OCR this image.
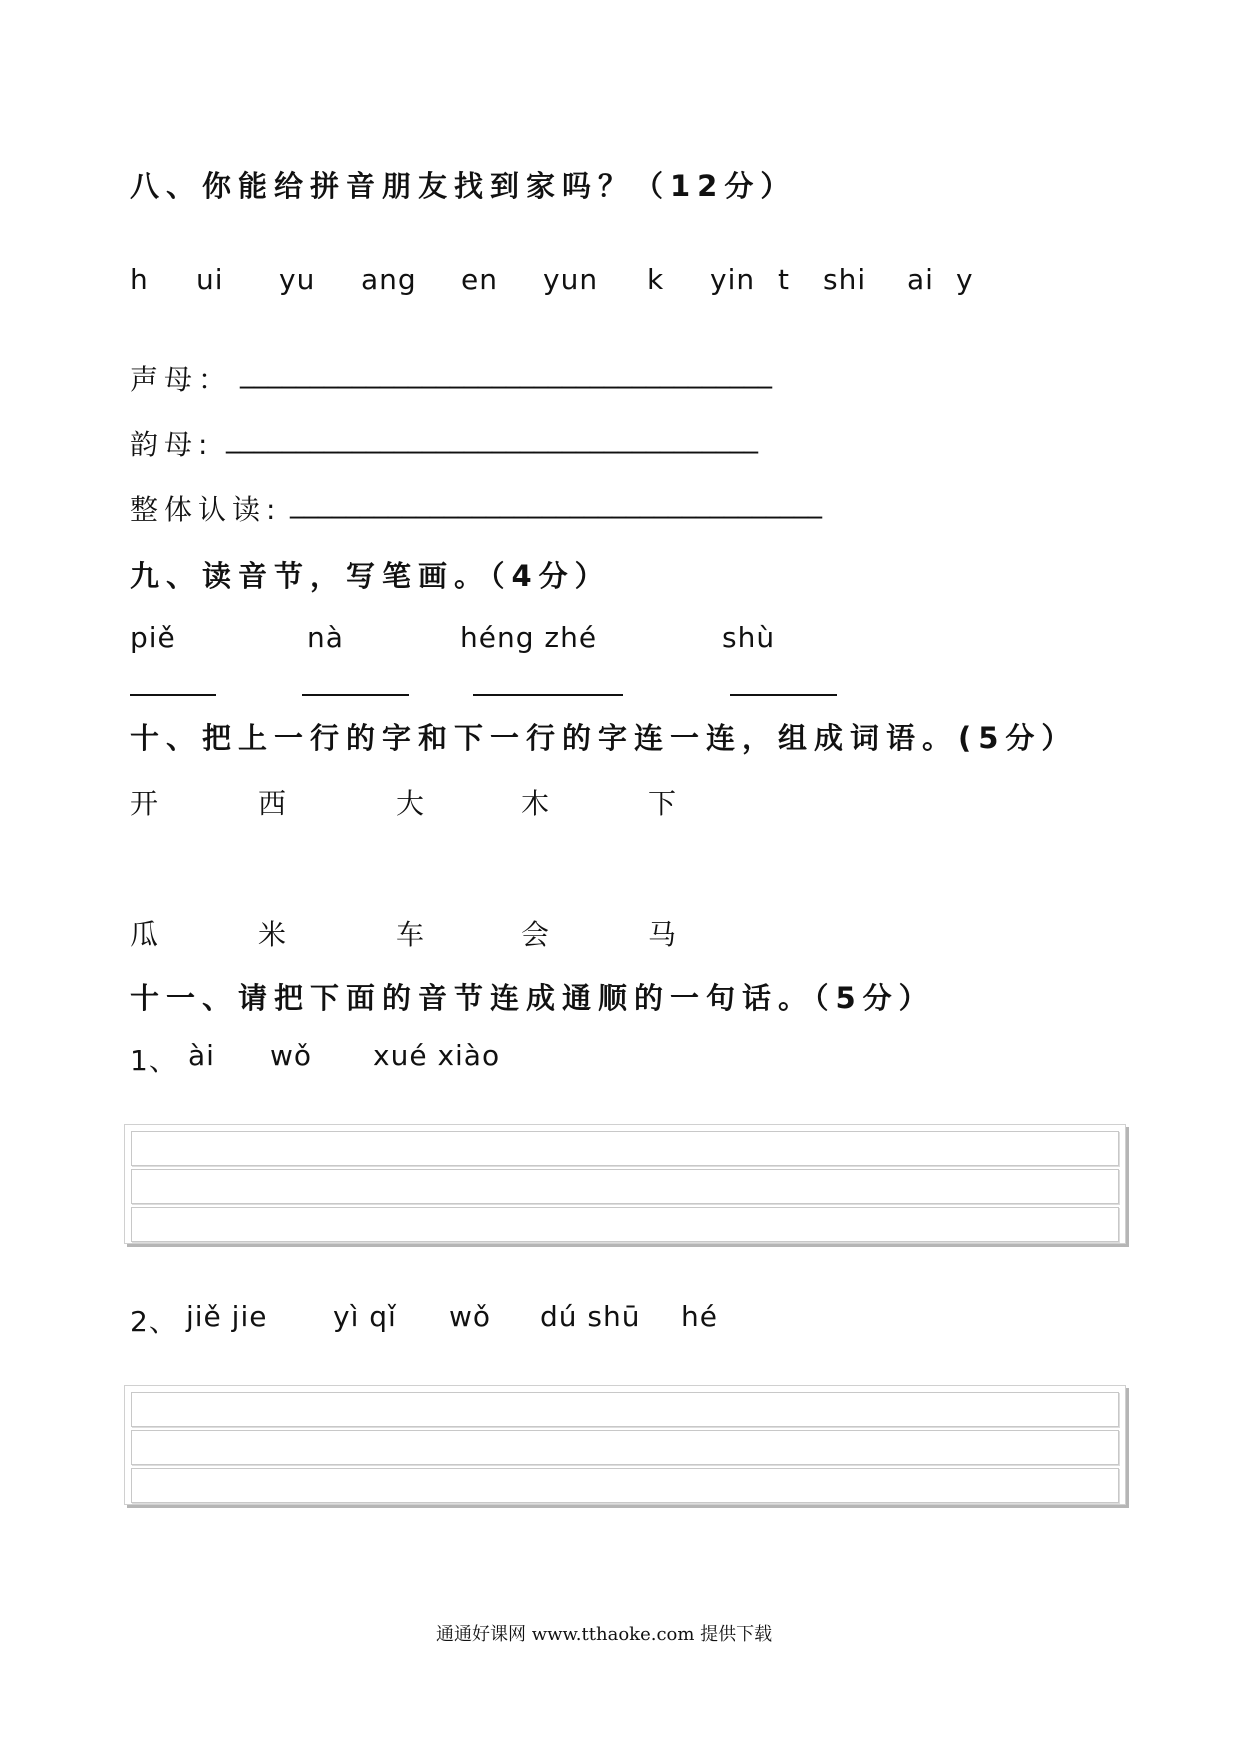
八、你能给拼音朋友找到家吗？（12分）
h ui yu ang en yun k yin t shi ai y
声母： ______________________________________
韵母: ______________________________________
整体认读: ______________________________________
九、读音节，写笔画。（4分）
piě	nà	héng zhé	shù
十、把上一行的字和下一行的字连一连，组成词语。(5分）
开	西	大	木	下
瓜	米	车	会	马
十一、请把下面的音节连成通顺的一句话。（5分）
1、 ài wǒ xué xiào
2、 jiě jie yì qǐ wǒ dú shū hé
通通好课网 www.tthaoke.com 提供下载
